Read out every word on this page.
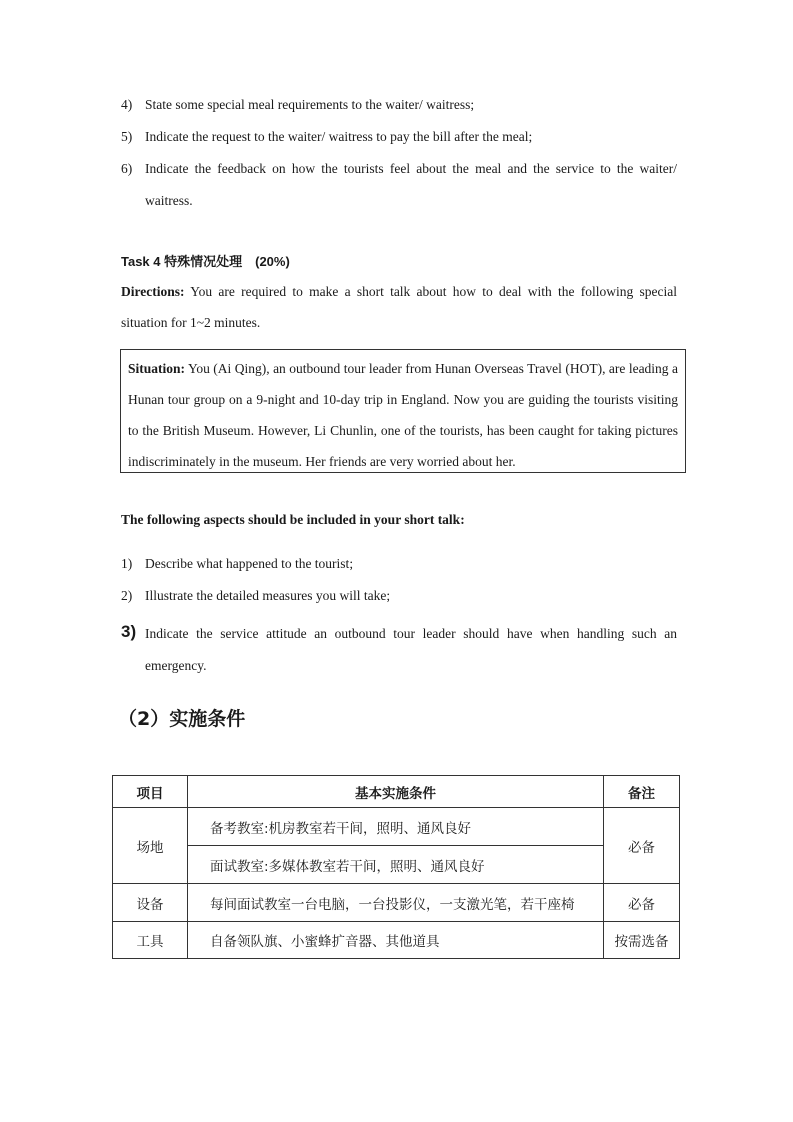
4) State some special meal requirements to the waiter/ waitress;
5) Indicate the request to the waiter/ waitress to pay the bill after the meal;
6) Indicate the feedback on how the tourists feel about the meal and the service to the waiter/ waitress.
Task 4 特殊情况处理　(20%)
Directions: You are required to make a short talk about how to deal with the following special situation for 1~2 minutes.
Situation: You (Ai Qing), an outbound tour leader from Hunan Overseas Travel (HOT), are leading a Hunan tour group on a 9-night and 10-day trip in England. Now you are guiding the tourists visiting to the British Museum. However, Li Chunlin, one of the tourists, has been caught for taking pictures indiscriminately in the museum. Her friends are very worried about her.
The following aspects should be included in your short talk:
1) Describe what happened to the tourist;
2) Illustrate the detailed measures you will take;
3) Indicate the service attitude an outbound tour leader should have when handling such an emergency.
（2）实施条件
项目	基本实施条件	备注
场地	备考教室:机房教室若干间，照明、通风良好	必备
	面试教室:多媒体教室若干间，照明、通风良好	
设备	每间面试教室一台电脑，一台投影仪，一支激光笔，若干座椅	必备
工具	自备领队旗、小蜜蜂扩音器、其他道具	按需选备
